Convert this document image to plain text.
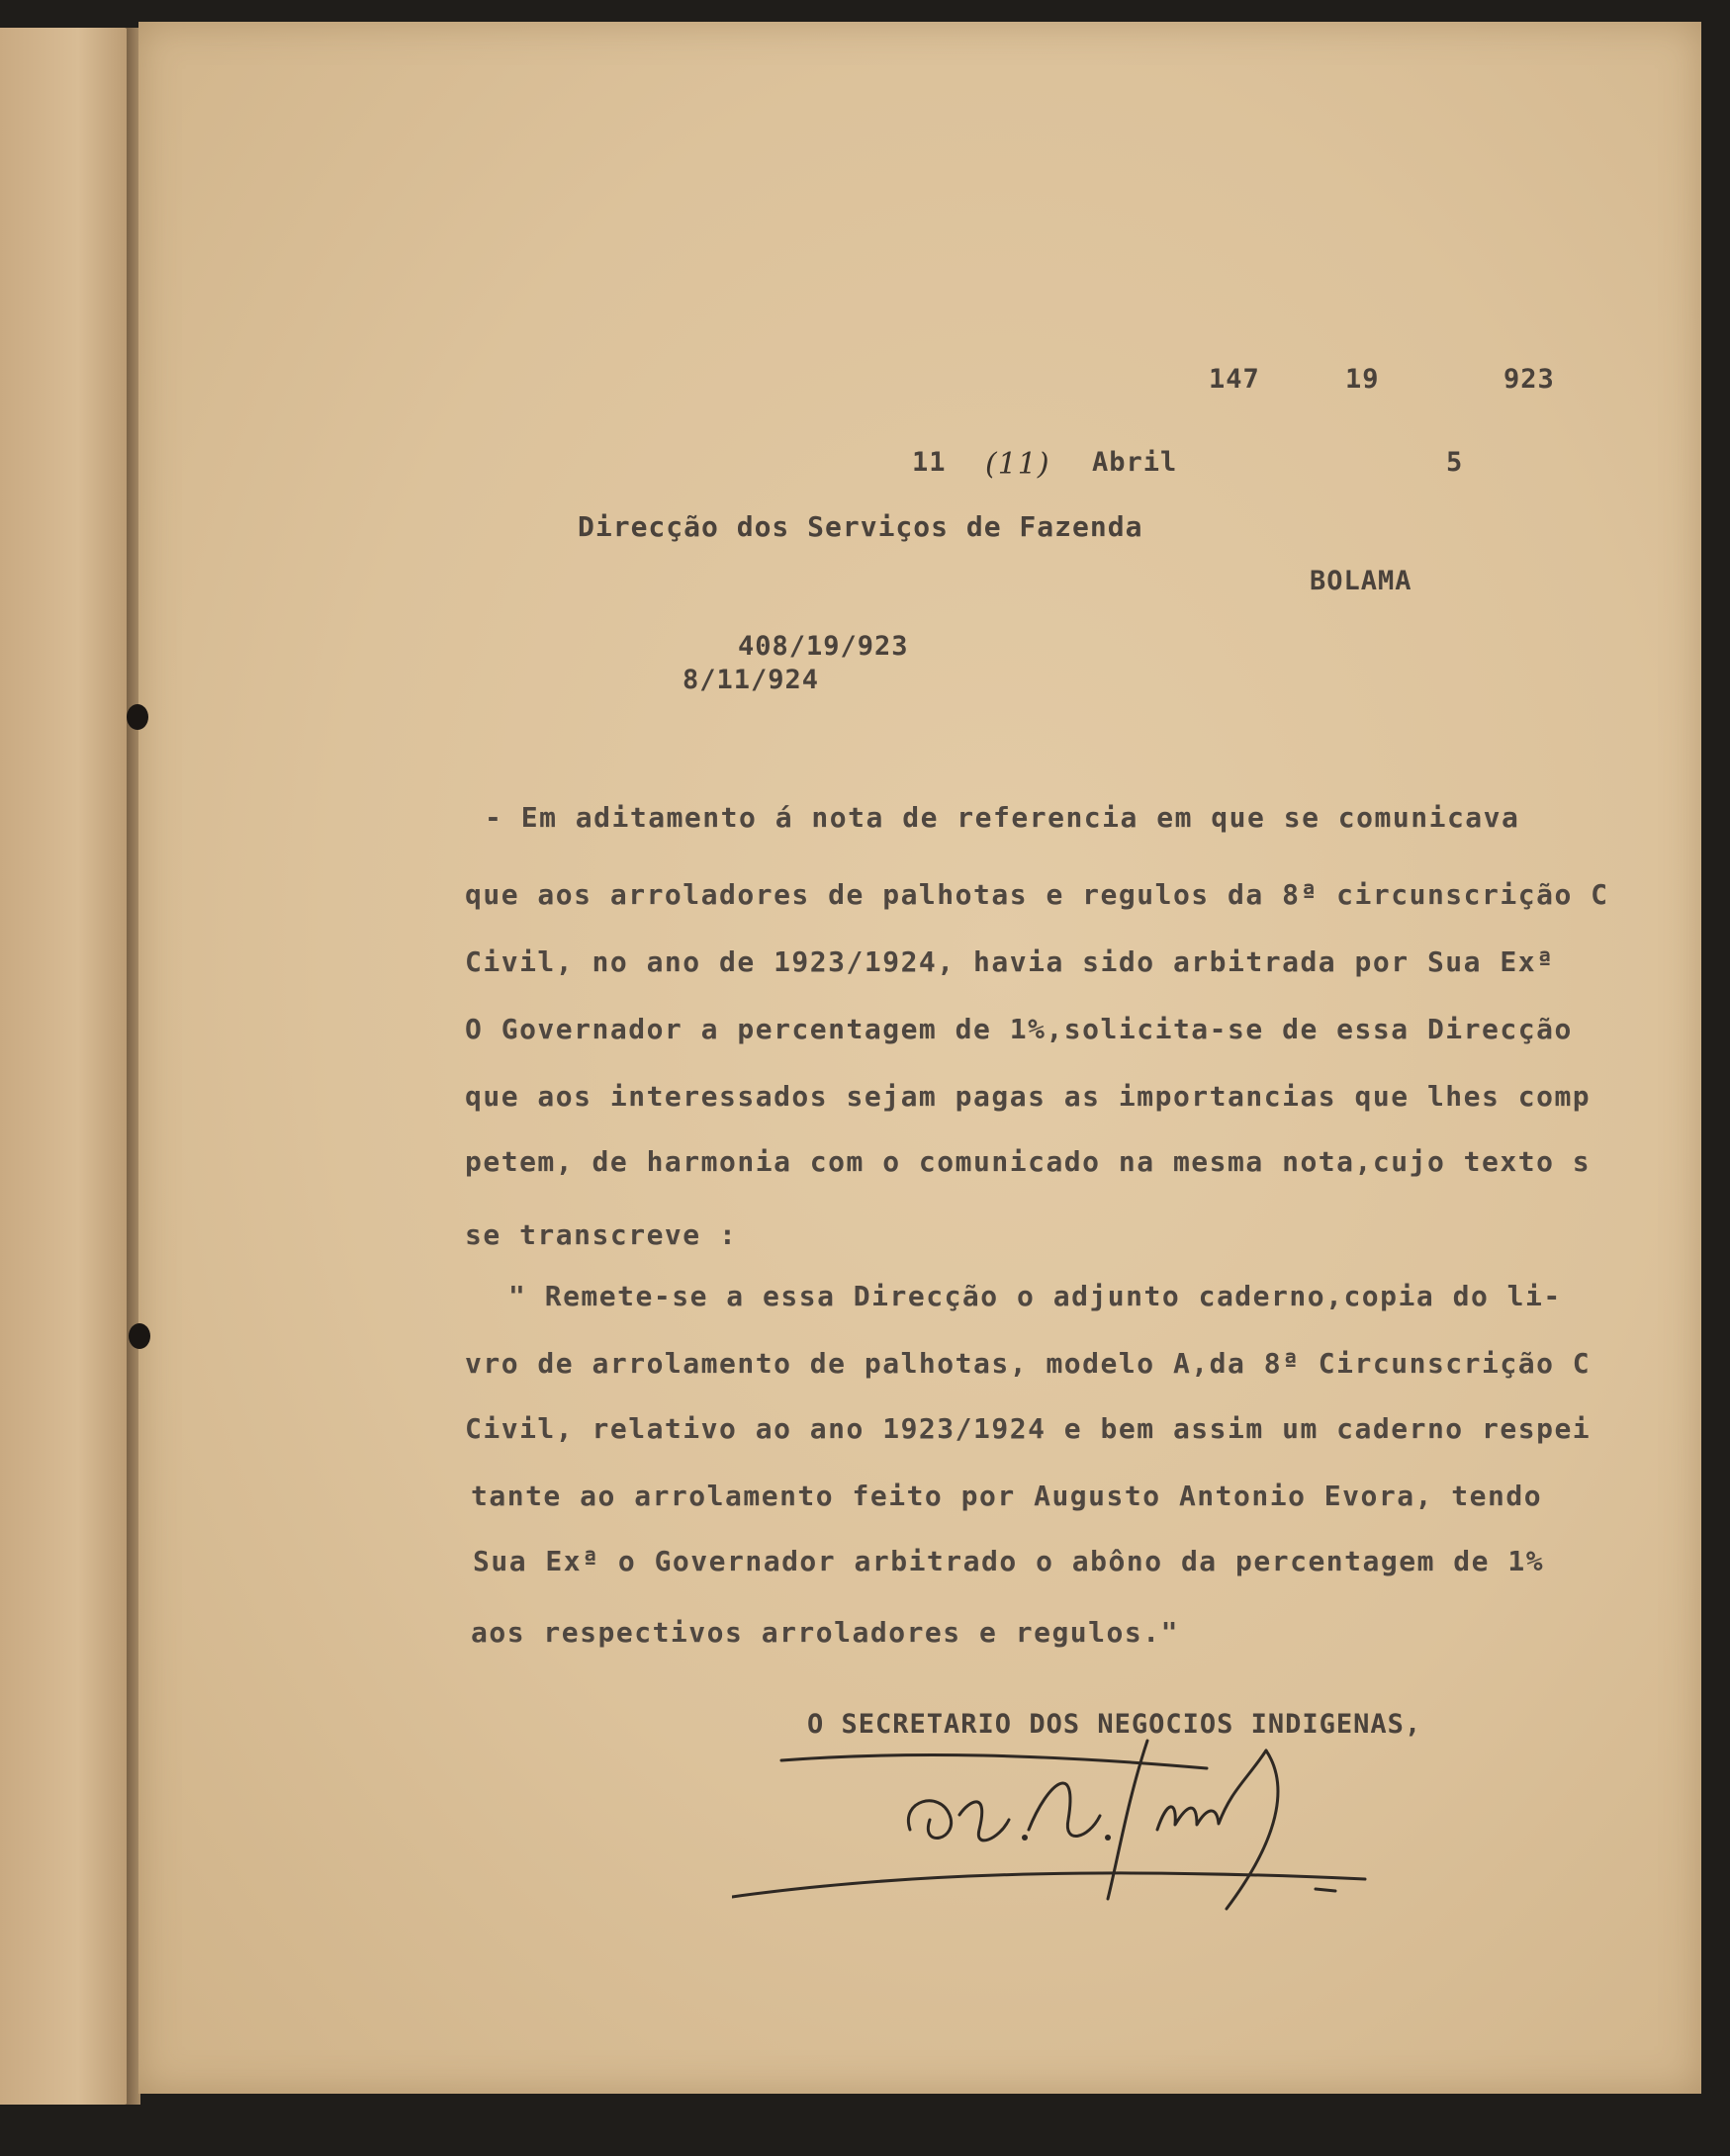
147	19	923
11 (11) Abril	5
Direcção dos Serviços de Fazenda
BOLAMA
408/19/923
8/11/924
- Em aditamento á nota de referencia em que se comunicava
que aos arroladores de palhotas e regulos da 8ª circunscrição C
Civil, no ano de 1923/1924, havia sido arbitrada por Sua Exª
O Governador a percentagem de 1%,solicita-se de essa Direcção
que aos interessados sejam pagas as importancias que lhes comp
petem, de harmonia com o comunicado na mesma nota,cujo texto s
se transcreve :
" Remete-se a essa Direcção o adjunto caderno,copia do li-
vro de arrolamento de palhotas, modelo A,da 8ª Circunscrição C
Civil, relativo ao ano 1923/1924 e bem assim um caderno respei
tante ao arrolamento feito por Augusto Antonio Evora, tendo
Sua Exª o Governador arbitrado o abôno da percentagem de 1%
aos respectivos arroladores e regulos."
O SECRETARIO DOS NEGOCIOS INDIGENAS,
